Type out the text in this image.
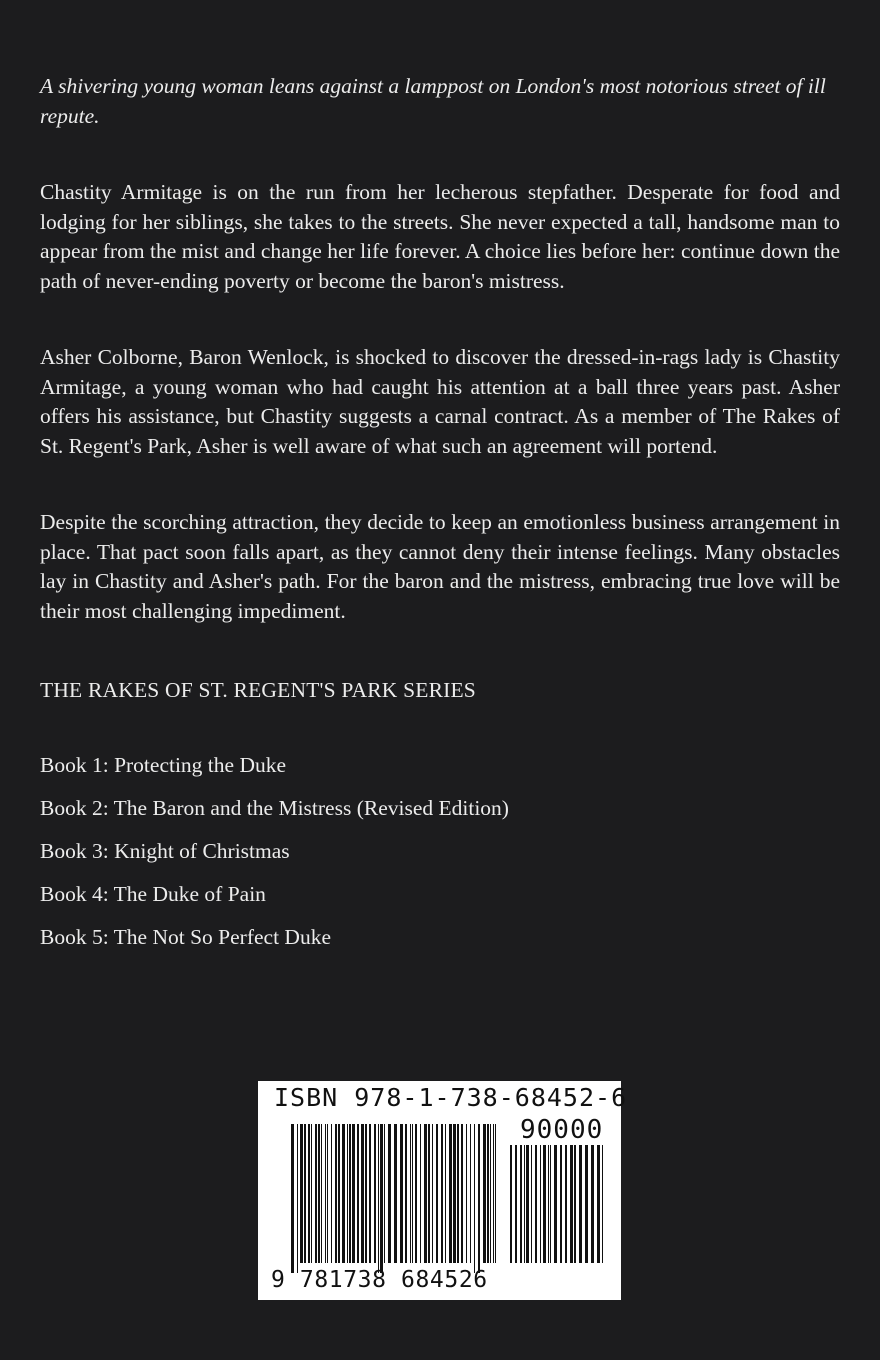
A shivering young woman leans against a lamppost on London's most notorious street of ill repute.

Chastity Armitage is on the run from her lecherous stepfather. Desperate for food and lodging for her siblings, she takes to the streets. She never expected a tall, handsome man to appear from the mist and change her life forever. A choice lies before her: continue down the path of never-ending poverty or become the baron's mistress.

Asher Colborne, Baron Wenlock, is shocked to discover the dressed-in-rags lady is Chastity Armitage, a young woman who had caught his attention at a ball three years past. Asher offers his assistance, but Chastity suggests a carnal contract. As a member of The Rakes of St. Regent's Park, Asher is well aware of what such an agreement will portend.

Despite the scorching attraction, they decide to keep an emotionless business arrangement in place. That pact soon falls apart, as they cannot deny their intense feelings. Many obstacles lay in Chastity and Asher's path. For the baron and the mistress, embracing true love will be their most challenging impediment.

THE RAKES OF ST. REGENT'S PARK SERIES
Book 1: Protecting the Duke
Book 2: The Baron and the Mistress (Revised Edition)
Book 3: Knight of Christmas
Book 4: The Duke of Pain
Book 5: The Not So Perfect Duke
ISBN 978-1-738-68452-6
90000
9 781738 684526
